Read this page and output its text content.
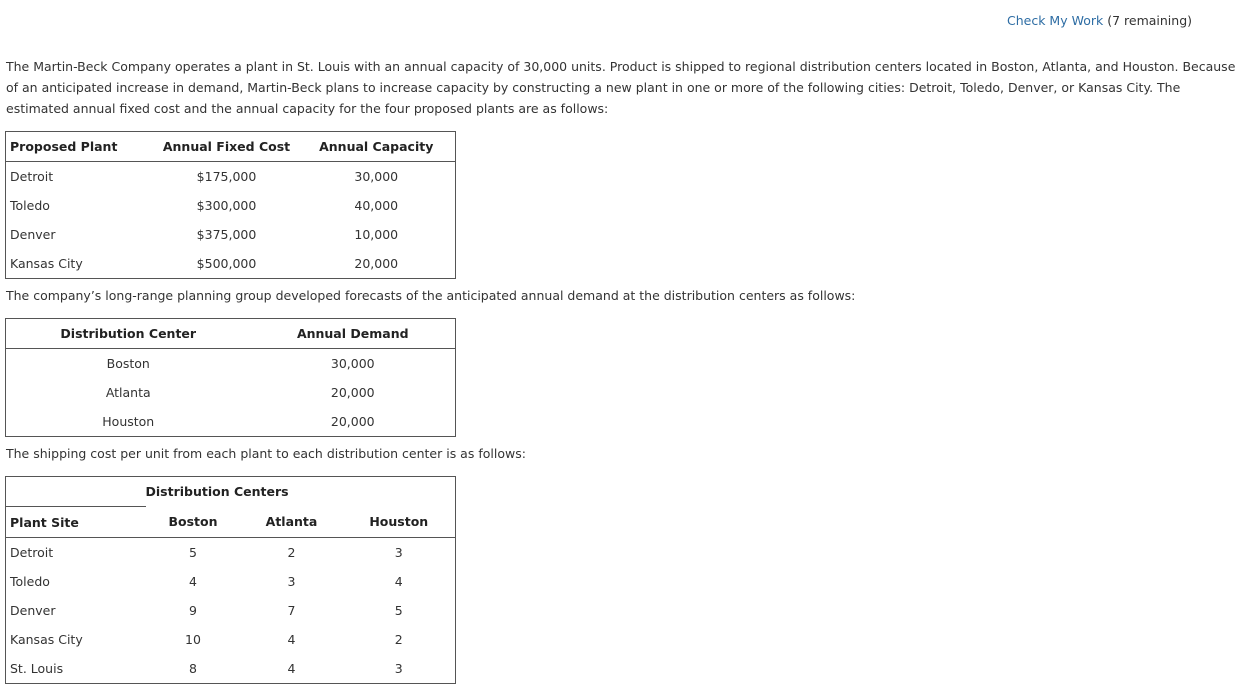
Check My Work (7 remaining)
The Martin-Beck Company operates a plant in St. Louis with an annual capacity of 30,000 units. Product is shipped to regional distribution centers located in Boston, Atlanta, and Houston. Because
of an anticipated increase in demand, Martin-Beck plans to increase capacity by constructing a new plant in one or more of the following cities: Detroit, Toledo, Denver, or Kansas City. The
estimated annual fixed cost and the annual capacity for the four proposed plants are as follows:
Proposed Plant	Annual Fixed Cost	Annual Capacity
Detroit	$175,000	30,000
Toledo	$300,000	40,000
Denver	$375,000	10,000
Kansas City	$500,000	20,000
The company’s long-range planning group developed forecasts of the anticipated annual demand at the distribution centers as follows:
Distribution Center	Annual Demand
Boston	30,000
Atlanta	20,000
Houston	20,000
The shipping cost per unit from each plant to each distribution center is as follows:
	Distribution Centers		
Plant Site	Boston	Atlanta	Houston
Detroit	5	2	3
Toledo	4	3	4
Denver	9	7	5
Kansas City	10	4	2
St. Louis	8	4	3
